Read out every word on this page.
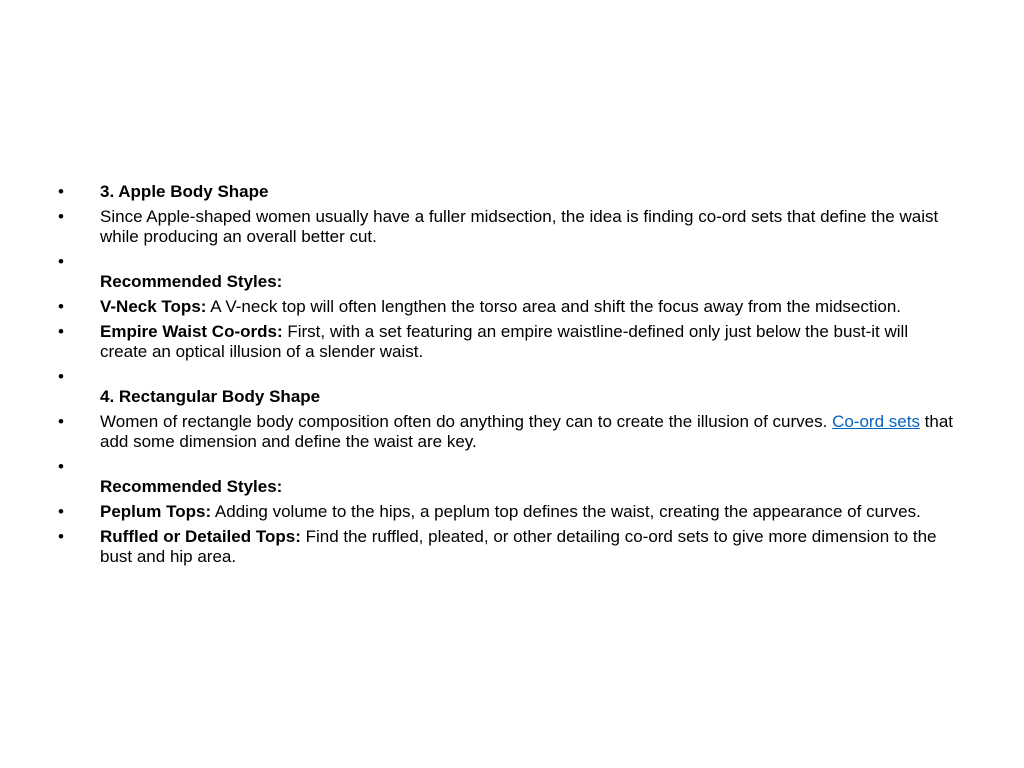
• 3. Apple Body Shape
• Since Apple-shaped women usually have a fuller midsection, the idea is finding co-ord sets that define the waist while producing an overall better cut.

• Recommended Styles:
• V-Neck Tops: A V-neck top will often lengthen the torso area and shift the focus away from the midsection.
• Empire Waist Co-ords: First, with a set featuring an empire waistline-defined only just below the bust-it will create an optical illusion of a slender waist.

• 4. Rectangular Body Shape
• Women of rectangle body composition often do anything they can to create the illusion of curves. Co-ord sets that add some dimension and define the waist are key.

• Recommended Styles:
• Peplum Tops: Adding volume to the hips, a peplum top defines the waist, creating the appearance of curves.
• Ruffled or Detailed Tops: Find the ruffled, pleated, or other detailing co-ord sets to give more dimension to the bust and hip area.
